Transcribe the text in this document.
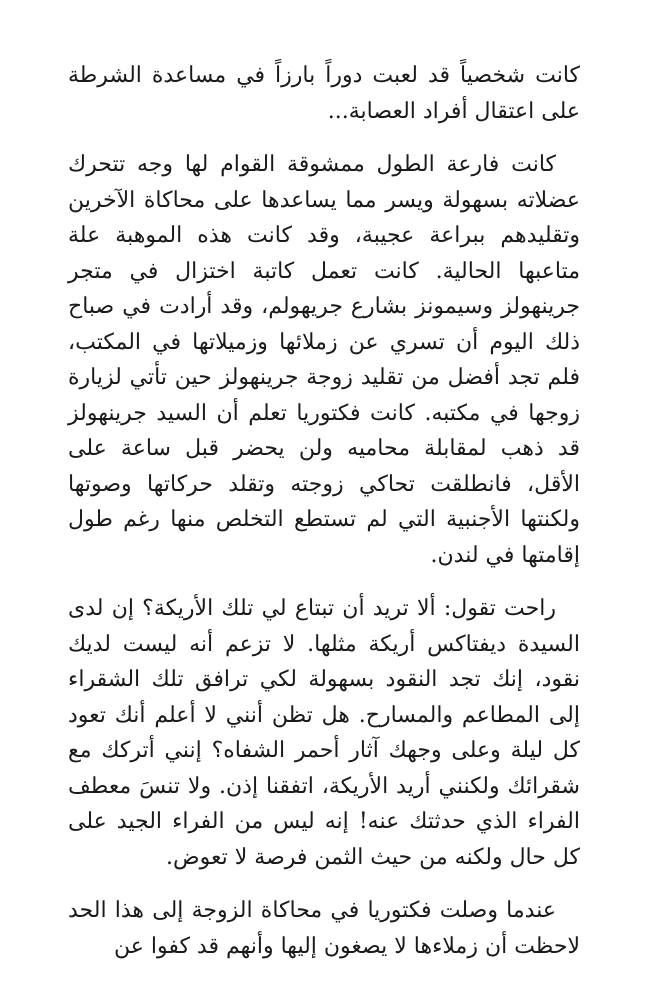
كانت شخصياً قد لعبت دوراً بارزاً في مساعدة الشرطة على اعتقال أفراد العصابة...

كانت فارعة الطول ممشوقة القوام لها وجه تتحرك عضلاته بسهولة ويسر مما يساعدها على محاكاة الآخرين وتقليدهم ببراعة عجيبة، وقد كانت هذه الموهبة علة متاعبها الحالية. كانت تعمل كاتبة اختزال في متجر جرينهولز وسيمونز بشارع جريهولم، وقد أرادت في صباح ذلك اليوم أن تسري عن زملائها وزميلاتها في المكتب، فلم تجد أفضل من تقليد زوجة جرينهولز حين تأتي لزيارة زوجها في مكتبه. كانت فكتوريا تعلم أن السيد جرينهولز قد ذهب لمقابلة محاميه ولن يحضر قبل ساعة على الأقل، فانطلقت تحاكي زوجته وتقلد حركاتها وصوتها ولكنتها الأجنبية التي لم تستطع التخلص منها رغم طول إقامتها في لندن.

راحت تقول: ألا تريد أن تبتاع لي تلك الأريكة؟ إن لدى السيدة ديفتاكس أريكة مثلها. لا تزعم أنه ليست لديك نقود، إنك تجد النقود بسهولة لكي ترافق تلك الشقراء إلى المطاعم والمسارح. هل تظن أنني لا أعلم أنك تعود كل ليلة وعلى وجهك آثار أحمر الشفاه؟ إنني أتركك مع شقرائك ولكنني أريد الأريكة، اتفقنا إذن. ولا تنسَ معطف الفراء الذي حدثتك عنه! إنه ليس من الفراء الجيد على كل حال ولكنه من حيث الثمن فرصة لا تعوض.

عندما وصلت فكتوريا في محاكاة الزوجة إلى هذا الحد لاحظت أن زملاءها لا يصغون إليها وأنهم قد كفوا عن
